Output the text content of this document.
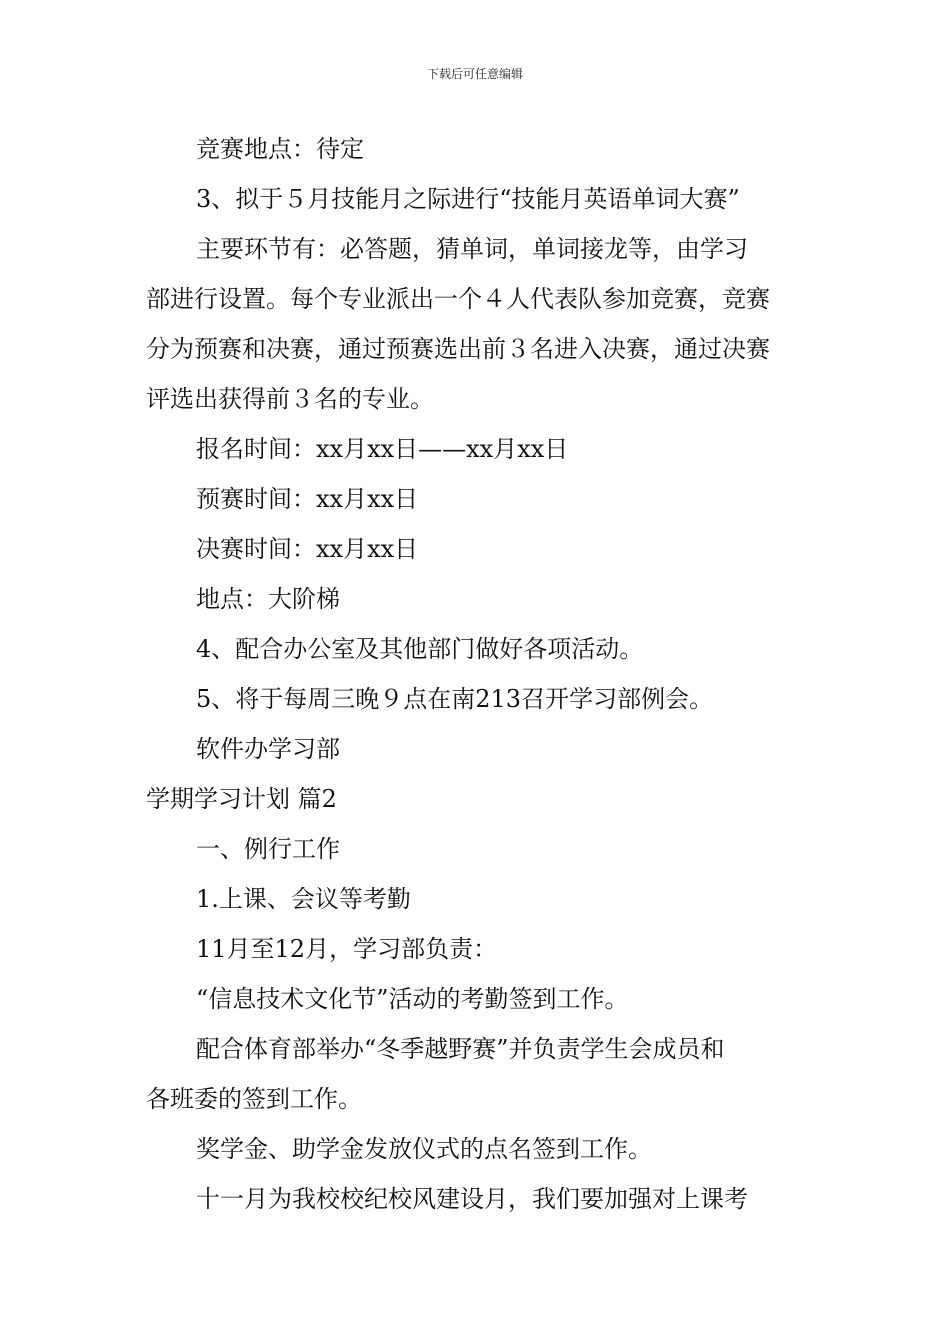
下载后可任意编辑
竞赛地点：待定
3、拟于５月技能月之际进行“技能月英语单词大赛”
主要环节有：必答题，猜单词，单词接龙等，由学习
部进行设置。每个专业派出一个４人代表队参加竞赛，竞赛
分为预赛和决赛，通过预赛选出前３名进入决赛，通过决赛
评选出获得前３名的专业。
报名时间：xx月xx日——xx月xx日
预赛时间：xx月xx日
决赛时间：xx月xx日
地点：大阶梯
4、配合办公室及其他部门做好各项活动。
5、将于每周三晚９点在南213召开学习部例会。
软件办学习部
学期学习计划 篇2
一、例行工作
1.上课、会议等考勤
11月至12月，学习部负责：
“信息技术文化节”活动的考勤签到工作。
配合体育部举办“冬季越野赛”并负责学生会成员和
各班委的签到工作。
奖学金、助学金发放仪式的点名签到工作。
十一月为我校校纪校风建设月，我们要加强对上课考
